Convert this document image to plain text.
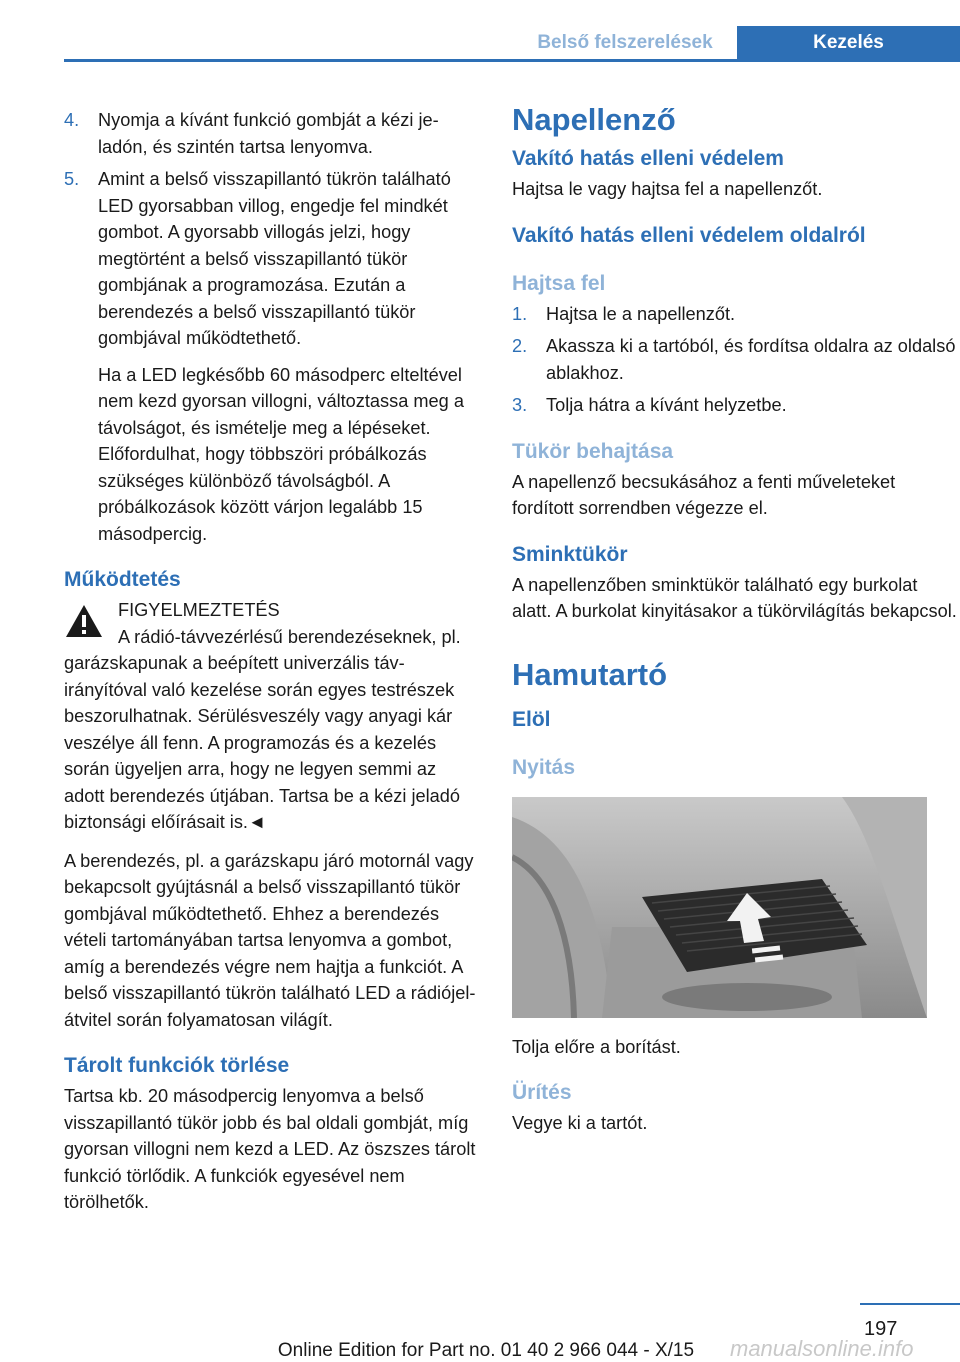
Belső felszerelések	Kezelés
4. Nyomja a kívánt funkció gombját a kézi jeladón, és szintén tartsa lenyomva.
5. Amint a belső visszapillantó tükrön található LED gyorsabban villog, engedje fel mindkét gombot. A gyorsabb villogás jelzi, hogy megtörtént a belső visszapillantó tükör gombjának a programozása. Ezután a berendezés a belső visszapillantó tükör gombjával működtethető.

Ha a LED legkésőbb 60 másodperc elteltével nem kezd gyorsan villogni, változtassa meg a távolságot, és ismételje meg a lépéseket. Előfordulhat, hogy többszöri próbálkozás szükséges különböző távolságból. A próbálkozások között várjon legalább 15 másodpercig.

Működtetés
FIGYELMEZTETÉS

A rádió-távvezérlésű berendezéseknek, pl. garázskapunak a beépített univerzális távirányítóval való kezelése során egyes testrészek beszorulhatnak. Sérülésveszély vagy anyagi kár veszélye áll fenn. A programozás és a kezelés során ügyeljen arra, hogy ne legyen semmi az adott berendezés útjában. Tartsa be a kézi jeladó biztonsági előírásait is.◄

A berendezés, pl. a garázskapu járó motornál vagy bekapcsolt gyújtásnál a belső visszapillantó tükör gombjával működtethető. Ehhez a berendezés vételi tartományában tartsa lenyomva a gombot, amíg a berendezés végre nem hajtja a funkciót. A belső visszapillantó tükrön található LED a rádiójel-átvitel során folyamatosan világít.

Tárolt funkciók törlése

Tartsa kb. 20 másodpercig lenyomva a belső visszapillantó tükör jobb és bal oldali gombját, míg gyorsan villogni nem kezd a LED. Az öszszes tárolt funkció törlődik. A funkciók egyesével nem törölhetők.

Napellenző
Vakító hatás elleni védelem

Hajtsa le vagy hajtsa fel a napellenzőt.

Vakító hatás elleni védelem oldalról
Hajtsa fel
1. Hajtsa le a napellenzőt.
2. Akassza ki a tartóból, és fordítsa oldalra az oldalsó ablakhoz.
3. Tolja hátra a kívánt helyzetbe.
Tükör behajtása

A napellenző becsukásához a fenti műveleteket fordított sorrendben végezze el.

Sminktükör

A napellenzőben sminktükör található egy burkolat alatt. A burkolat kinyitásakor a tükörvilágítás bekapcsol.

Hamutartó
Elöl
Nyitás

Tolja előre a borítást.

Ürítés

Vegye ki a tartót.

197
Online Edition for Part no. 01 40 2 966 044 - X/15	manualsonline.info
